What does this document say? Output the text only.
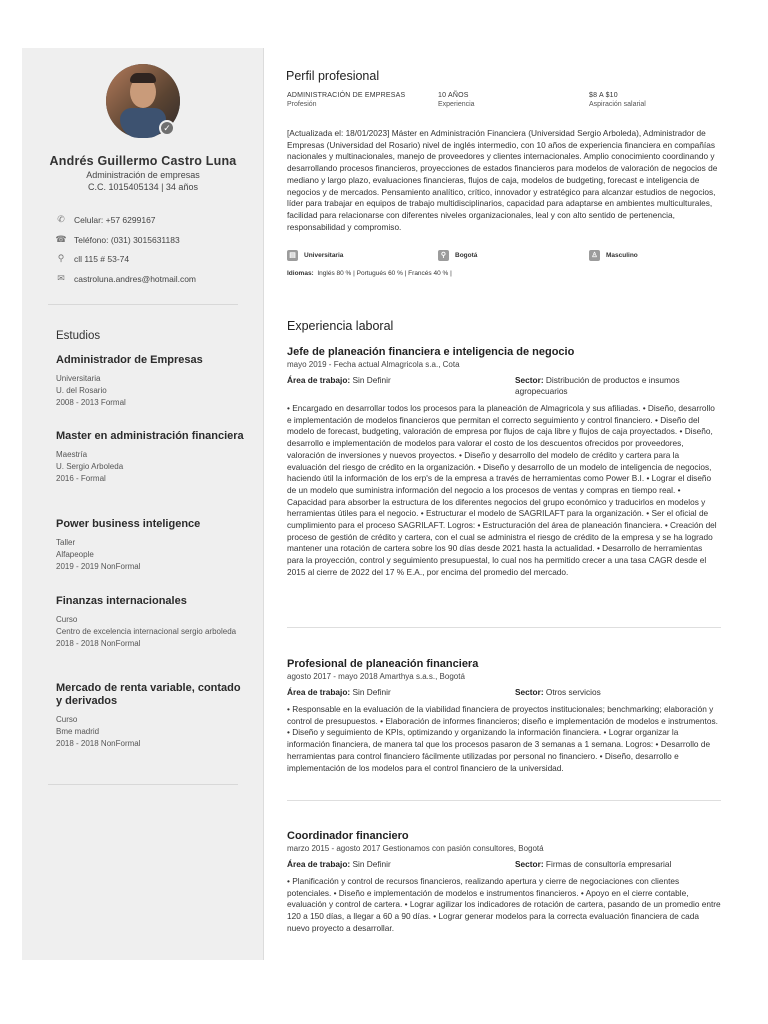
✓
Andrés Guillermo Castro Luna
Administración de empresas
C.C. 1015405134 | 34 años
✆	Celular: +57 6299167
☎ Teléfono: (031) 3015631183
⚲	cll 115 # 53-74
✉	castroluna.andres@hotmail.com
Estudios
Administrador de Empresas
Universitaria
U. del Rosario
2008 - 2013 Formal
Master en administración financiera
Maestría
U. Sergio Arboleda
2016 - Formal
Power business inteligence
Taller
Alfapeople
2019 - 2019 NonFormal
Finanzas internacionales
Curso
Centro de excelencia internacional sergio arboleda
2018 - 2018 NonFormal
Mercado de renta variable, contado y derivados
Curso
Bme madrid
2018 - 2018 NonFormal
Perfil profesional
ADMINISTRACIÓN DE EMPRESAS
Profesión
10 AÑOS
Experiencia
$8 A $10
Aspiración salarial
[Actualizada el: 18/01/2023] Máster en Administración Financiera (Universidad Sergio Arboleda), Administrador de Empresas (Universidad del Rosario) nivel de inglés intermedio, con 10 años de experiencia financiera en compañías nacionales y multinacionales, manejo de proveedores y clientes internacionales. Amplio conocimiento coordinando y desarrollando procesos financieros, proyecciones de estados financieros para modelos de valoración de negocios de mediano y largo plazo, evaluaciones financieras, flujos de caja, modelos de budgeting, forecast e inteligencia de negocios y de mercados. Pensamiento analítico, crítico, innovador y estratégico para alcanzar estudios de negocios, líder para trabajar en equipos de trabajo multidisciplinarios, capacidad para adaptarse en ambientes multiculturales, facilidad para relacionarse con diferentes niveles organizacionales, leal y con alto sentido de pertenencia, responsabilidad y compromiso.
▤	Universitaria	⚲	Bogotá	♙	Masculino
Idiomas: Inglés 80 % | Portugués 60 % | Francés 40 % |
Experiencia laboral
Jefe de planeación financiera e inteligencia de negocio
mayo 2019 - Fecha actual Almagricola s.a., Cota
Área de trabajo: Sin Definir	Sector: Distribución de productos e insumos agropecuarios
• Encargado en desarrollar todos los procesos para la planeación de Almagricola y sus afiliadas. • Diseño, desarrollo e implementación de modelos financieros que permitan el correcto seguimiento y control financiero. • Diseño del modelo de forecast, budgeting, valoración de empresa por flujos de caja libre y flujos de caja proyectados. • Diseño, desarrollo e implementación de modelos para valorar el costo de los descuentos ofrecidos por proveedores, valoración de inversiones y nuevos proyectos. • Diseño y desarrollo del modelo de crédito y cartera para la evaluación del riesgo de crédito en la organización. • Diseño y desarrollo de un modelo de inteligencia de negocios, haciendo útil la información de los erp's de la empresa a través de herramientas como Power B.I. • Lograr el diseño de un modelo que suministra información del negocio a los procesos de ventas y compras en tiempo real. • Capacidad para absorber la estructura de los diferentes negocios del grupo económico y traducirlos en modelos y herramientas útiles para el negocio. • Estructurar el modelo de SAGRILAFT para la organización. • Ser el oficial de cumplimiento para el proceso SAGRILAFT. Logros: • Estructuración del área de planeación financiera. • Creación del proceso de gestión de crédito y cartera, con el cual se administra el riesgo de crédito de la empresa y se ha logrado mantener una rotación de cartera sobre los 90 días desde 2021 hasta la actualidad. • Desarrollo de herramientas para la proyección, control y seguimiento presupuestal, lo cual nos ha permitido crecer a una tasa CAGR desde el 2015 al cierre de 2022 del 17 % E.A., por encima del promedio del mercado.
Profesional de planeación financiera
agosto 2017 - mayo 2018 Amarthya s.a.s., Bogotá
Área de trabajo: Sin Definir	Sector: Otros servicios
• Responsable en la evaluación de la viabilidad financiera de proyectos institucionales; benchmarking; elaboración y control de presupuestos. • Elaboración de informes financieros; diseño e implementación de modelos e instrumentos. • Diseño y seguimiento de KPIs, optimizando y organizando la información financiera. • Lograr organizar la información financiera, de manera tal que los procesos pasaron de 3 semanas a 1 semana. Logros: • Desarrollo de herramientas para control financiero fácilmente utilizadas por personal no financiero. • Diseño, desarrollo e implementación de los modelos para el control financiero de la universidad.
Coordinador financiero
marzo 2015 - agosto 2017 Gestionamos con pasión consultores, Bogotá
Área de trabajo: Sin Definir	Sector: Firmas de consultoría empresarial
• Planificación y control de recursos financieros, realizando apertura y cierre de negociaciones con clientes potenciales. • Diseño e implementación de modelos e instrumentos financieros. • Apoyo en el cierre contable, evaluación y control de cartera. • Lograr agilizar los indicadores de rotación de cartera, pasando de un promedio entre 120 a 150 días, a llegar a 60 a 90 días. • Lograr generar modelos para la correcta evaluación financiera de cada nuevo proyecto a desarrollar.
